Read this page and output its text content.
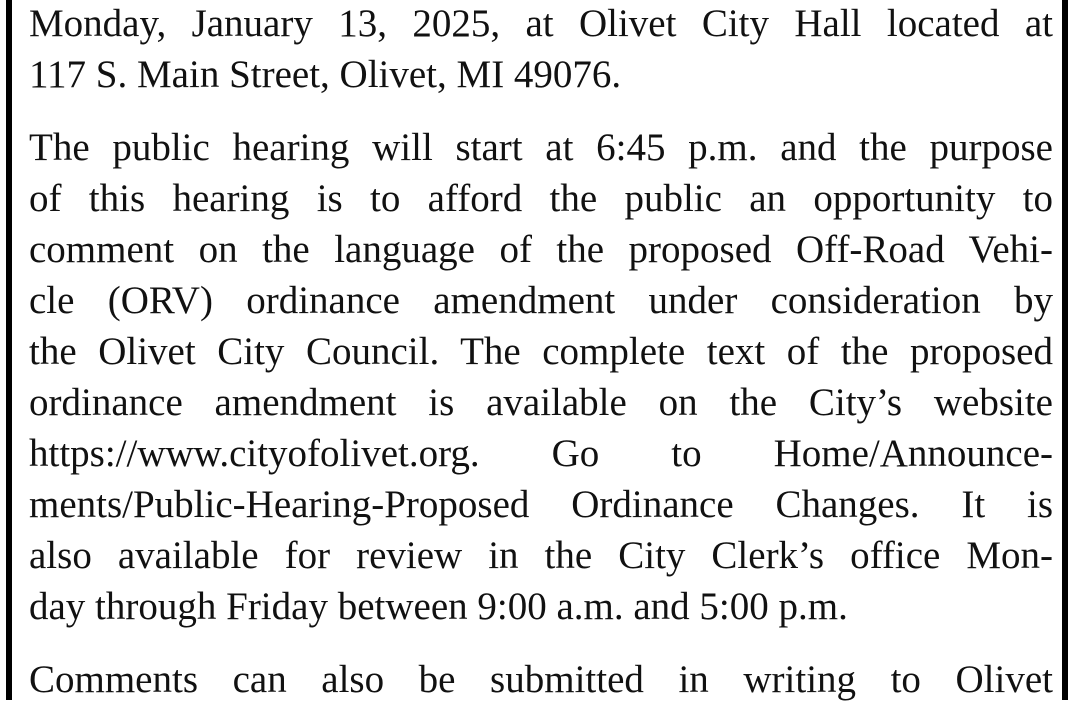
Monday, January 13, 2025, at Olivet City Hall located at
117 S. Main Street, Olivet, MI 49076.
The public hearing will start at 6:45 p.m. and the purpose
of this hearing is to afford the public an opportunity to
comment on the language of the proposed Off-Road Vehi-
cle (ORV) ordinance amendment under consideration by
the Olivet City Council. The complete text of the proposed
ordinance amendment is available on the City’s website
https://www.cityofolivet.org. Go to Home/Announce-
ments/Public-Hearing-Proposed Ordinance Changes. It is
also available for review in the City Clerk’s office Mon-
day through Friday between 9:00 a.m. and 5:00 p.m.
Comments can also be submitted in writing to Olivet
